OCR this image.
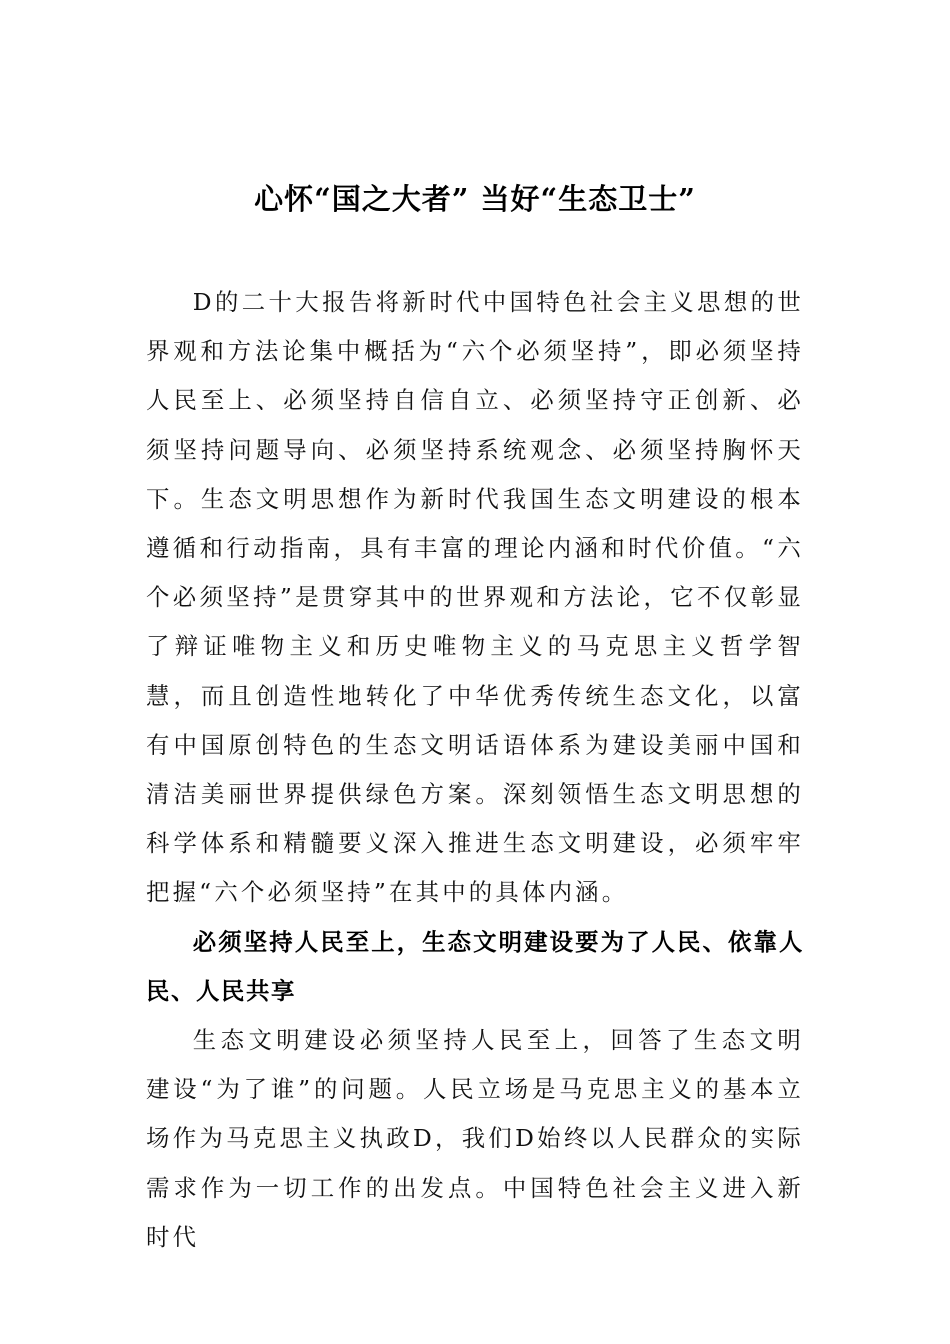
心怀“国之大者” 当好“生态卫士”

D的二十大报告将新时代中国特色社会主义思想的世界观和方法论集中概括为“六个必须坚持”，即必须坚持人民至上、必须坚持自信自立、必须坚持守正创新、必须坚持问题导向、必须坚持系统观念、必须坚持胸怀天下。生态文明思想作为新时代我国生态文明建设的根本遵循和行动指南，具有丰富的理论内涵和时代价值。“六个必须坚持”是贯穿其中的世界观和方法论，它不仅彰显了辩证唯物主义和历史唯物主义的马克思主义哲学智慧，而且创造性地转化了中华优秀传统生态文化，以富有中国原创特色的生态文明话语体系为建设美丽中国和清洁美丽世界提供绿色方案。深刻领悟生态文明思想的科学体系和精髓要义深入推进生态文明建设，必须牢牢把握“六个必须坚持”在其中的具体内涵。

必须坚持人民至上，生态文明建设要为了人民、依靠人民、人民共享

生态文明建设必须坚持人民至上，回答了生态文明建设“为了谁”的问题。人民立场是马克思主义的基本立场作为马克思主义执政D，我们D始终以人民群众的实际需求作为一切工作的出发点。中国特色社会主义进入新时代
